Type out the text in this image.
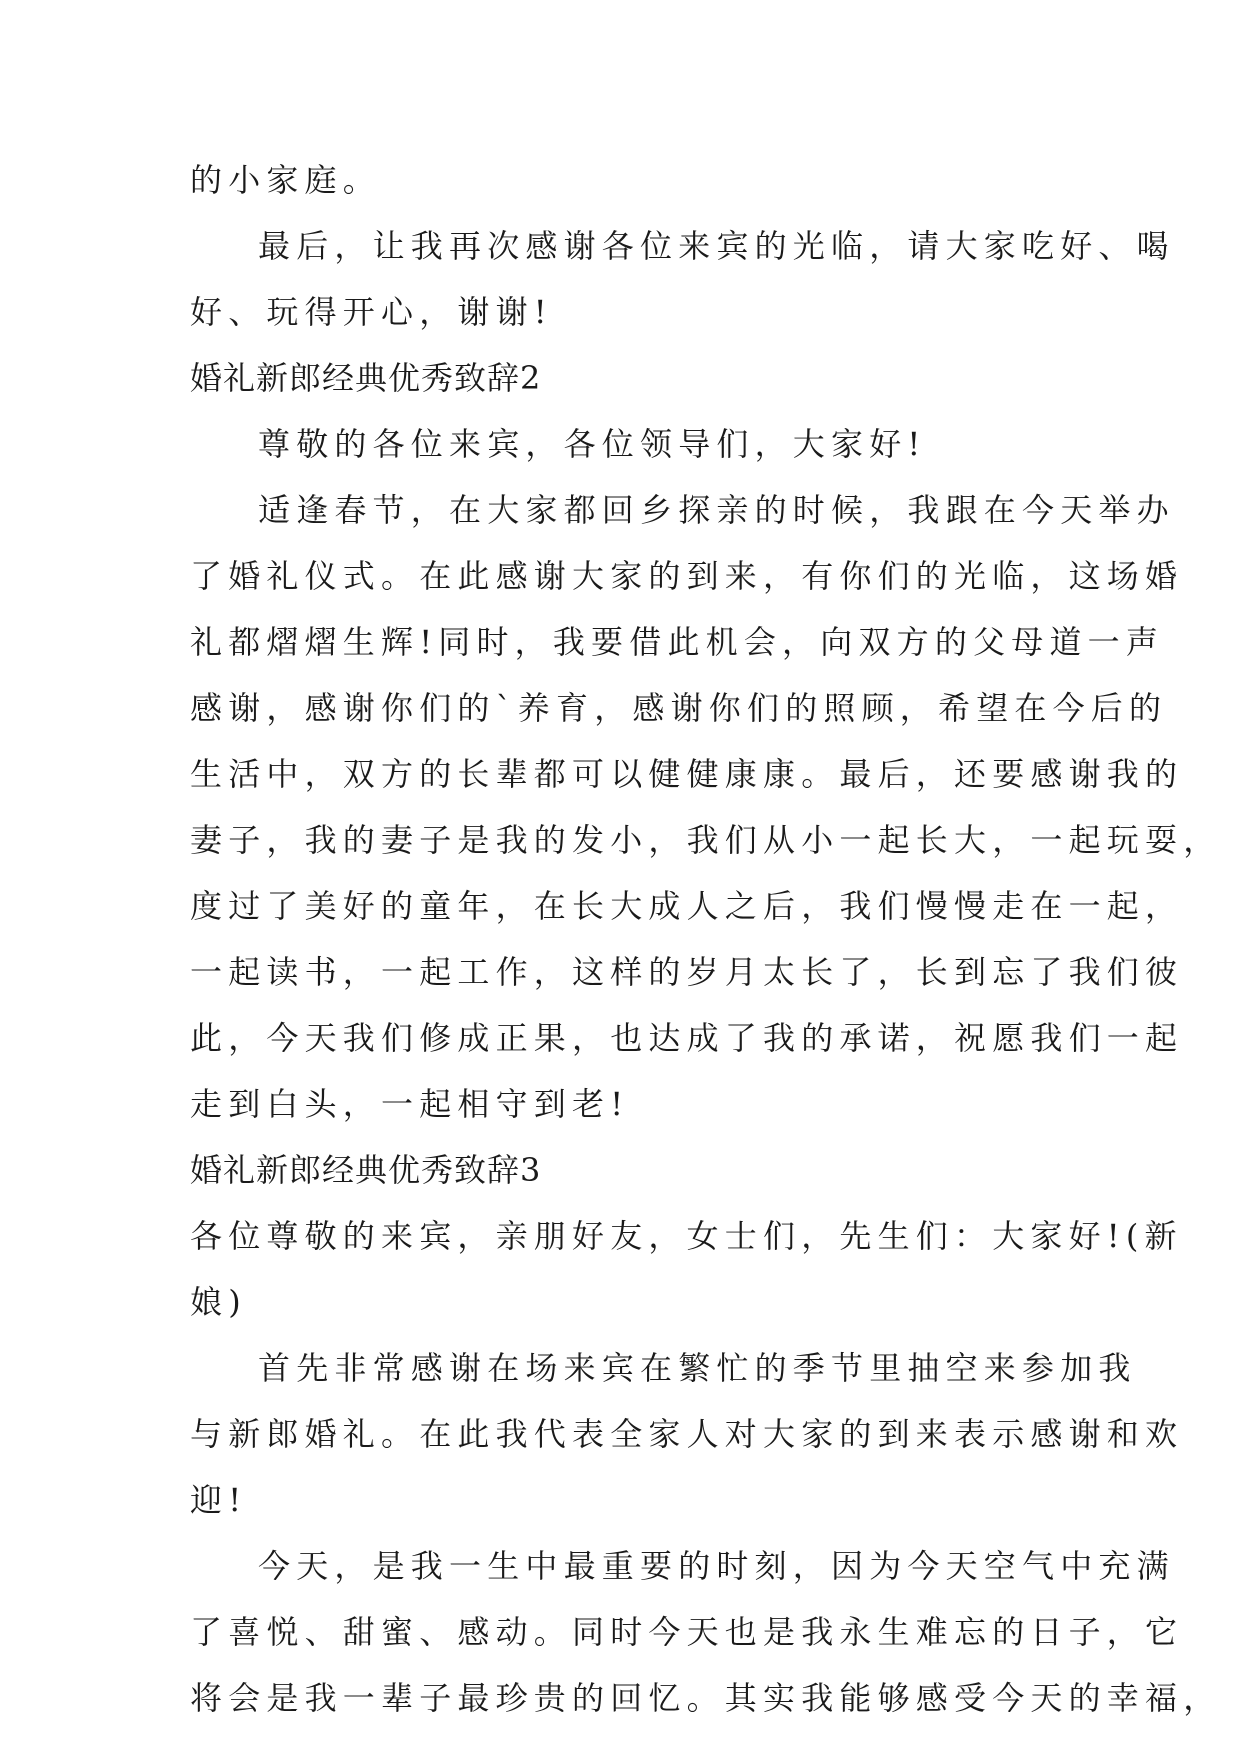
的小家庭。
最后，让我再次感谢各位来宾的光临，请大家吃好、喝
好、玩得开心，谢谢!
婚礼新郎经典优秀致辞2
尊敬的各位来宾，各位领导们，大家好!
适逢春节，在大家都回乡探亲的时候，我跟在今天举办
了婚礼仪式。在此感谢大家的到来，有你们的光临，这场婚
礼都熠熠生辉!同时，我要借此机会，向双方的父母道一声
感谢，感谢你们的`养育，感谢你们的照顾，希望在今后的
生活中，双方的长辈都可以健健康康。最后，还要感谢我的
妻子，我的妻子是我的发小，我们从小一起长大，一起玩耍，
度过了美好的童年，在长大成人之后，我们慢慢走在一起，
一起读书，一起工作，这样的岁月太长了，长到忘了我们彼
此，今天我们修成正果，也达成了我的承诺，祝愿我们一起
走到白头，一起相守到老!
婚礼新郎经典优秀致辞3
各位尊敬的来宾，亲朋好友，女士们，先生们：大家好!(新
娘)
首先非常感谢在场来宾在繁忙的季节里抽空来参加我
与新郎婚礼。在此我代表全家人对大家的到来表示感谢和欢
迎!
今天，是我一生中最重要的时刻，因为今天空气中充满
了喜悦、甜蜜、感动。同时今天也是我永生难忘的日子，它
将会是我一辈子最珍贵的回忆。其实我能够感受今天的幸福，
